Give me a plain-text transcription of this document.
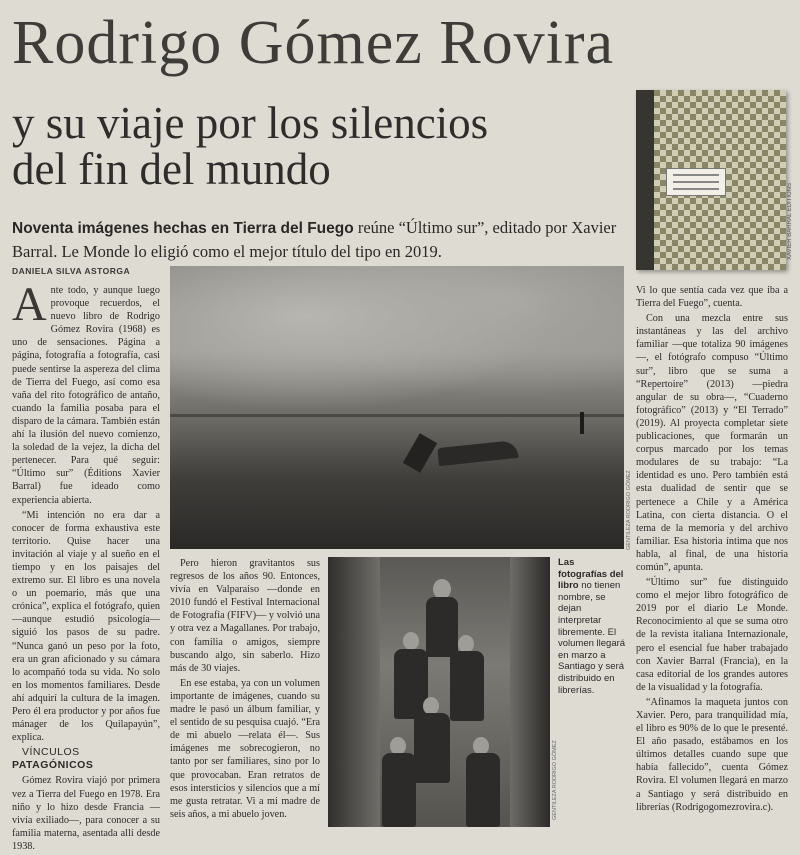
Rodrigo Gómez Rovira
y su viaje por los silencios
del fin del mundo
XAVIER BARRAL EDITIONS
Noventa imágenes hechas en Tierra del Fuego reúne “Último sur”, editado por Xavier Barral. Le Monde lo eligió como el mejor título del tipo en 2019.
DANIELA SILVA ASTORGA

Ante todo, y aunque luego provoque recuerdos, el nuevo libro de Rodrigo Gómez Rovira (1968) es uno de sensaciones. Página a página, fotografía a fotografía, casi puede sentirse la aspereza del clima de Tierra del Fuego, así como esa vaña del rito fotográfico de antaño, cuando la familia posaba para el disparo de la cámara. También están ahí la ilusión del nuevo comienzo, la soledad de la vejez, la dicha del pertenecer. Para qué seguir: “Último sur” (Éditions Xavier Barral) fue ideado como experiencia abierta.

“Mi intención no era dar a conocer de forma exhaustiva este territorio. Quise hacer una invitación al viaje y al sueño en el tiempo y en los paisajes del extremo sur. El libro es una novela o un poemario, más que una crónica”, explica el fotógrafo, quien —aunque estudió psicología— siguió los pasos de su padre. “Nunca ganó un peso por la foto, era un gran aficionado y su cámara lo acompañó toda su vida. No solo en los momentos familiares. Desde ahí adquirí la cultura de la imagen. Pero él era productor y por años fue mánager de los Quilapayún”, explica.

VÍNCULOS PATAGÓNICOS

Gómez Rovira viajó por primera vez a Tierra del Fuego en 1978. Era niño y lo hizo desde Francia —vivía exiliado—, para conocer a su familia materna, asentada allí desde 1938.

GENTILEZA RODRIGO GÓMEZ

Pero hieron gravitantos sus regresos de los años 90. Entonces, vivía en Valparaíso —donde en 2010 fundó el Festival Internacional de Fotografía (FIFV)— y volvió una y otra vez a Magallanes. Por trabajo, con familia o amigos, siempre buscando algo, sin saberlo. Hizo más de 30 viajes.

En ese estaba, ya con un volumen importante de imágenes, cuando su madre le pasó un álbum familiar, y el sentido de su pesquisa cuajó. “Era de mi abuelo —relata él—. Sus imágenes me sobrecogieron, no tanto por ser familiares, sino por lo que provocaban. Eran retratos de esos intersticios y silencios que a mí me gusta retratar. Vi a mi madre de seis años, a mi abuelo joven.	GENTILEZA RODRIGO GÓMEZ
Las fotografías del libro no tienen nombre, se dejan interpretar libremente. El volumen llegará en marzo a Santiago y será distribuido en librerías.

Vi lo que sentía cada vez que iba a Tierra del Fuego”, cuenta.

Con una mezcla entre sus instantáneas y las del archivo familiar —que totaliza 90 imágenes—, el fotógrafo compuso “Último sur”, libro que se suma a “Repertoire” (2013) —piedra angular de su obra—, “Cuaderno fotográfico” (2013) y “El Terrado” (2019). Al proyecta completar siete publicaciones, que formarán un corpus marcado por los temas modulares de su trabajo: “La identidad es uno. Pero también está esta dualidad de sentir que se pertenece a Chile y a América Latina, con cierta distancia. O el tema de la memoria y del archivo familiar. Esa historia íntima que nos habla, al final, de una historia común”, apunta.

“Último sur” fue distinguido como el mejor libro fotográfico de 2019 por el diario Le Monde. Reconocimiento al que se suma otro de la revista italiana Internazionale, pero el esencial fue haber trabajado con Xavier Barral (Francia), en la casa editorial de los grandes autores de la visualidad y la fotografía.

“Afinamos la maqueta juntos con Xavier. Pero, para tranquilidad mía, el libro es 90% de lo que le presenté. El año pasado, estábamos en los últimos detalles cuando supe que había fallecido”, cuenta Gómez Rovira. El volumen llegará en marzo a Santiago y será distribuido en librerías (Rodrigogomezrovira.c).
